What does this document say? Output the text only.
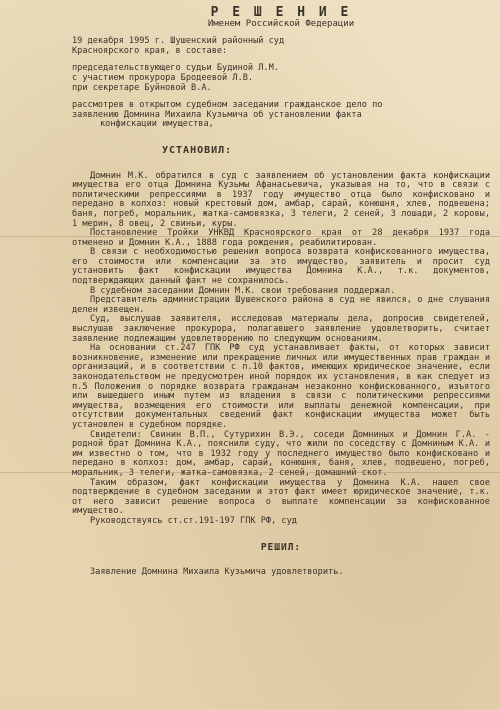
Р Е Ш Е Н И Е
Именем Российской Федерации
19 декабря 1995 г. Шушенский районный суд
Красноярского края, в составе:
председательствующего судьи Будиной Л.М.
с участием прокурора Бродеевой Л.В.
при секретаре Буйновой В.А.
рассмотрев в открытом судебном заседании гражданское дело по
заявлению Домнина Михаила Кузьмича об установлении факта
конфискации имущества,
УСТАНОВИЛ:

Домнин М.К. обратился в суд с заявлением об установлении факта конфискации имущества его отца Домнина Кузьмы Афанасьевича, указывая на то, что в связи с политическими репрессиями в 1937 году имущество отца было конфисковано и передано в колхоз: новый крестовый дом, амбар, сарай, конюшня, хлев, подвешена; баня, погреб, моральник, жатка-самовязка, 3 телеги, 2 сеней, 3 лошади, 2 коровы, 1 мерин, 8 овец, 2 свиньи, куры.

Постановление Тройки УНКВД Красноярского края от 28 декабря 1937 года отменено и Домнин К.А., 1888 года рождения, реабилитирован.

В связи с необходимостью решения вопроса возврата конфискованного имущества, его стоимости или компенсации за это имущество, заявитель и просит суд установить факт конфискации имущества Домнина К.А., т.к. документов, подтверждающих данный факт не сохранилось.

В судебном заседании Домнин М.К. свои требования поддержал.

Представитель администрации Шушенского района в суд не явился, о дне слушания делен извещен.

Суд, выслушав заявителя, исследовав материалы дела, допросив свидетелей, выслушав заключение прокурора, полагавшего заявление удовлетворить, считает заявление подлежащим удовлетворению по следующим основаниям.

На основании ст.247 ГПК РФ суд устанавливает факты, от которых зависит возникновение, изменение или прекращение личных или имущественных прав граждан и организаций, и в соответствии с п.10 фактов, имеющих юридическое значение, если законодательством не предусмотрен иной порядок их установления, в как следует из п.5 Положения о порядке возврата гражданам незаконно конфискованного, изъятого или вышедшего иным путем из владения в связи с политическими репрессиями имущества, возмещения его стоимости или выплаты денежной компенсации, при отсутствии документальных сведений факт конфискации имущества может быть установлен в судебном порядке.

Свидетели: Свинин В.П., Сутурихин В.Э., соседи Домниных и Домнин Г.А. - родной брат Домнина К.А., пояснили суду, что жили по соседству с Домниным К.А. и им известно о том, что в 1932 году у последнего имущество было конфисковано и передано в колхоз: дом, амбар, сарай, конюшня, баня, хлев, подвешено, погреб, моральник, 3 телеги, жатка-самовязка, 2 сеней, домашний скот.

Таким образом, факт конфискации имущества у Домнина К.А. нашел свое подтверждение в судебном заседании и этот факт имеет юридическое значение, т.к. от него зависит решение вопроса о выплате компенсации за конфискованное имущество.

Руководствуясь ст.ст.191-197 ГПК РФ, суд
РЕШИЛ:
Заявление Домнина Михаила Кузьмича удовлетворить.
